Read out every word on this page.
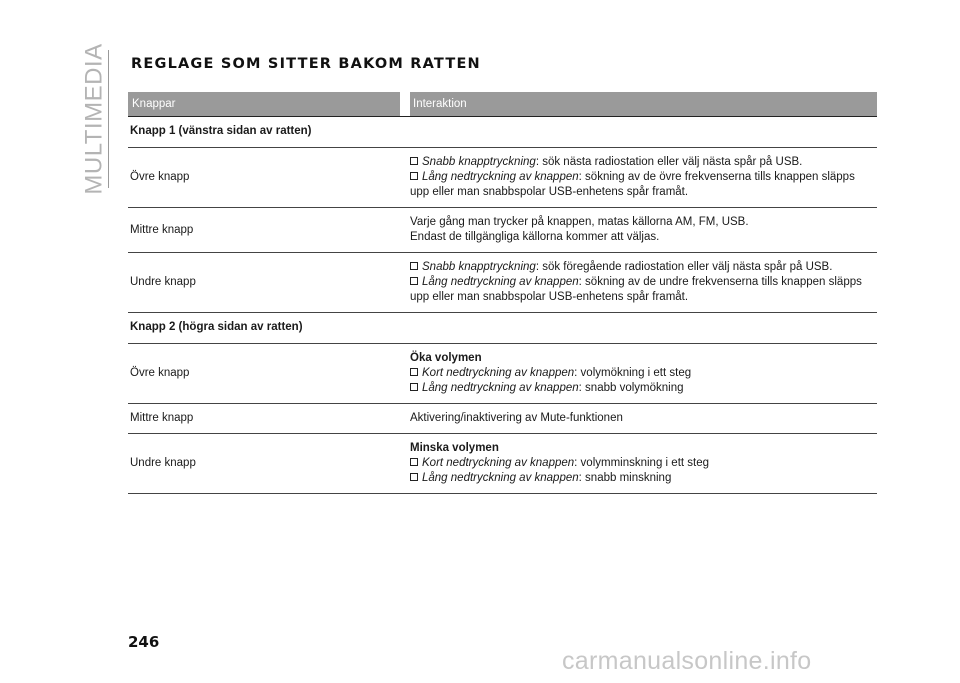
MULTIMEDIA REGLAGE SOM SITTER BAKOM RATTEN
Knappar	Interaktion
Knapp 1 (vänstra sidan av ratten)
Övre knapp
Snabb knapptryckning: sök nästa radiostation eller välj nästa spår på USB.
Lång nedtryckning av knappen: sökning av de övre frekvenserna tills knappen släpps
upp eller man snabbspolar USB-enhetens spår framåt.
Mittre knapp
Varje gång man trycker på knappen, matas källorna AM, FM, USB.
Endast de tillgängliga källorna kommer att väljas.
Undre knapp
Snabb knapptryckning: sök föregående radiostation eller välj nästa spår på USB.
Lång nedtryckning av knappen: sökning av de undre frekvenserna tills knappen släpps
upp eller man snabbspolar USB-enhetens spår framåt.
Knapp 2 (högra sidan av ratten)
Övre knapp
Öka volymen
Kort nedtryckning av knappen: volymökning i ett steg
Lång nedtryckning av knappen: snabb volymökning
Mittre knapp	Aktivering/inaktivering av Mute-funktionen
Undre knapp
Minska volymen
Kort nedtryckning av knappen: volymminskning i ett steg
Lång nedtryckning av knappen: snabb minskning
246
carmanualsonline.info
